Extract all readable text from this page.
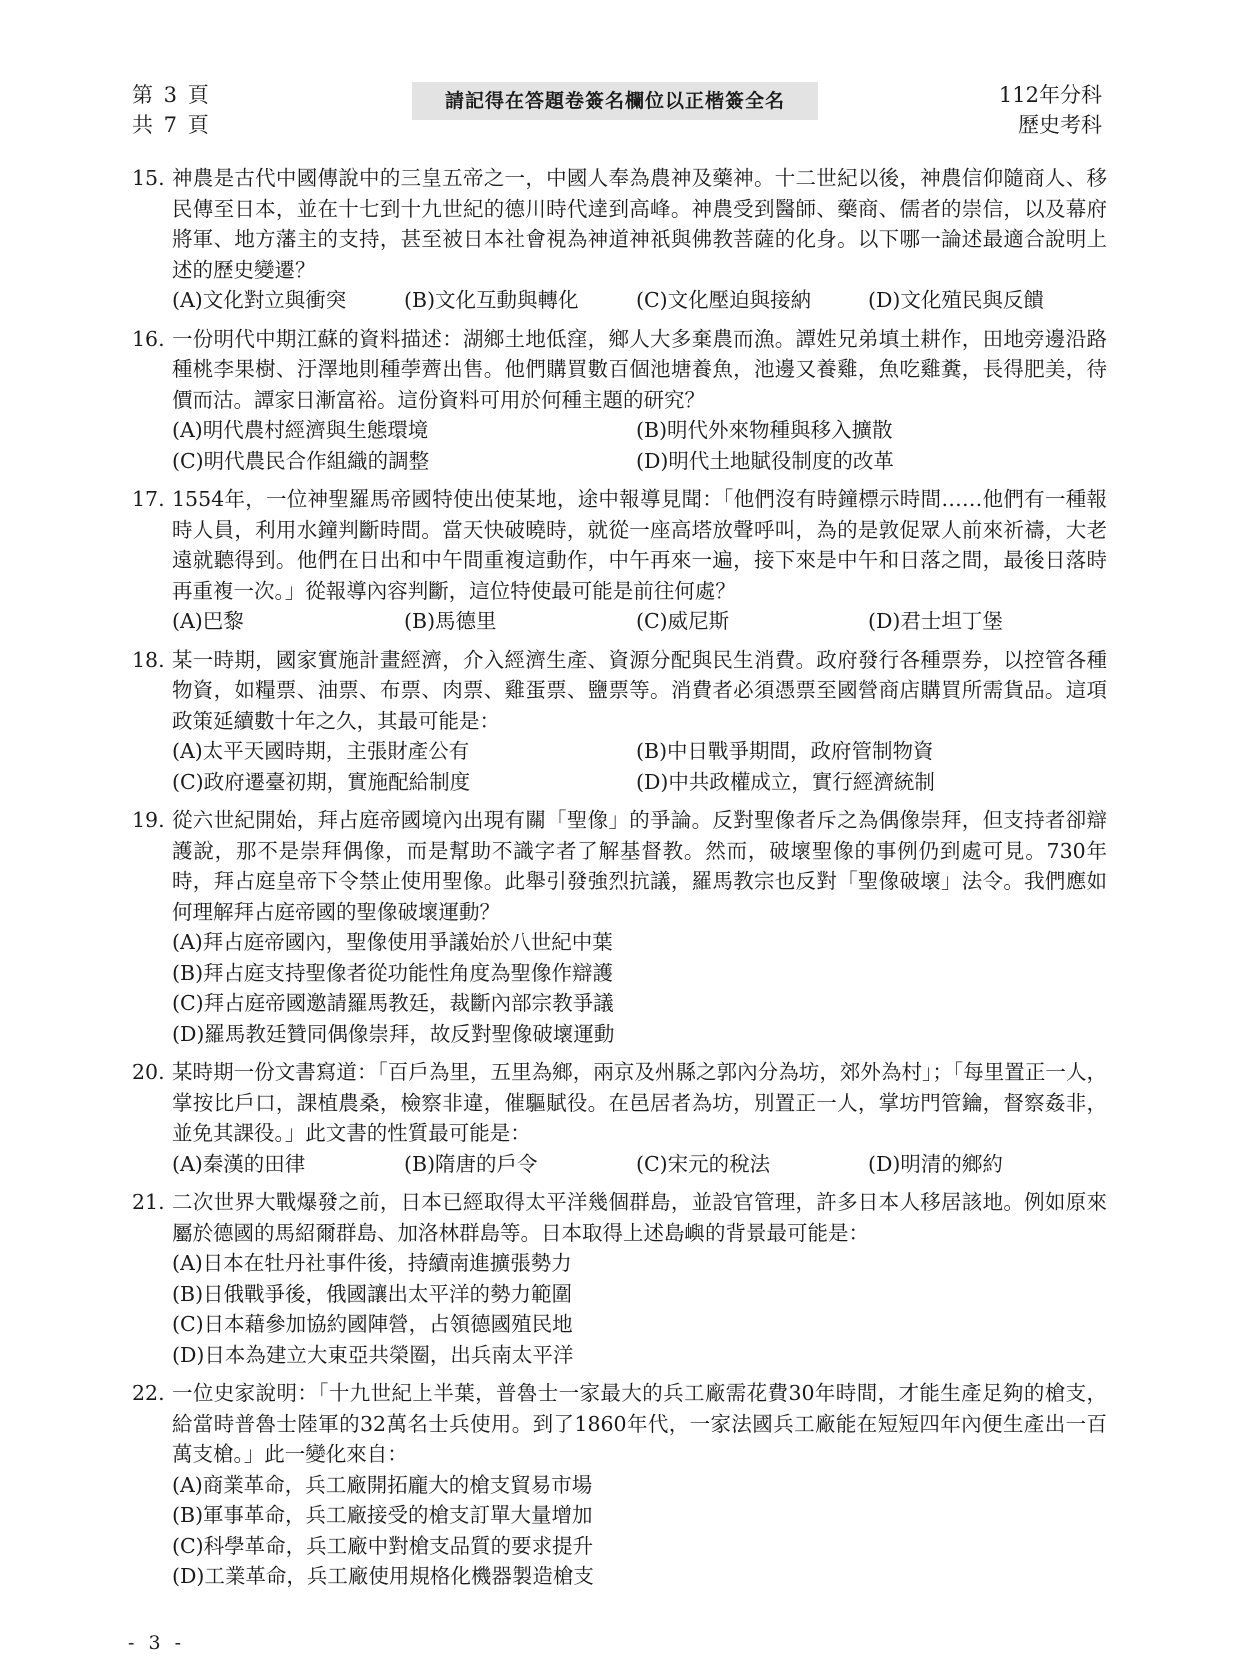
第 3 頁
共 7 頁
請記得在答題卷簽名欄位以正楷簽全名	112年分科
歷史考科
15. 神農是古代中國傳說中的三皇五帝之一，中國人奉為農神及藥神。十二世紀以後，神農信仰隨商人、移民傳至日本，並在十七到十九世紀的德川時代達到高峰。神農受到醫師、藥商、儒者的崇信，以及幕府將軍、地方藩主的支持，甚至被日本社會視為神道神祇與佛教菩薩的化身。以下哪一論述最適合說明上述的歷史變遷？
(A)文化對立與衝突	(B)文化互動與轉化	(C)文化壓迫與接納	(D)文化殖民與反饋
16. 一份明代中期江蘇的資料描述：湖鄉土地低窪，鄉人大多棄農而漁。譚姓兄弟填土耕作，田地旁邊沿路種桃李果樹、汙澤地則種荸薺出售。他們購買數百個池塘養魚，池邊又養雞，魚吃雞糞，長得肥美，待價而沽。譚家日漸富裕。這份資料可用於何種主題的研究？
(A)明代農村經濟與生態環境	(B)明代外來物種與移入擴散
(C)明代農民合作組織的調整	(D)明代土地賦役制度的改革
17. 1554年，一位神聖羅馬帝國特使出使某地，途中報導見聞：「他們沒有時鐘標示時間……他們有一種報時人員，利用水鐘判斷時間。當天快破曉時，就從一座高塔放聲呼叫，為的是敦促眾人前來祈禱，大老遠就聽得到。他們在日出和中午間重複這動作，中午再來一遍，接下來是中午和日落之間，最後日落時再重複一次。」從報導內容判斷，這位特使最可能是前往何處？
(A)巴黎	(B)馬德里	(C)威尼斯	(D)君士坦丁堡
18. 某一時期，國家實施計畫經濟，介入經濟生產、資源分配與民生消費。政府發行各種票券，以控管各種物資，如糧票、油票、布票、肉票、雞蛋票、鹽票等。消費者必須憑票至國營商店購買所需貨品。這項政策延續數十年之久，其最可能是：
(A)太平天國時期，主張財產公有	(B)中日戰爭期間，政府管制物資
(C)政府遷臺初期，實施配給制度	(D)中共政權成立，實行經濟統制
19. 從六世紀開始，拜占庭帝國境內出現有關「聖像」的爭論。反對聖像者斥之為偶像崇拜，但支持者卻辯護說，那不是崇拜偶像，而是幫助不識字者了解基督教。然而，破壞聖像的事例仍到處可見。730年時，拜占庭皇帝下令禁止使用聖像。此舉引發強烈抗議，羅馬教宗也反對「聖像破壞」法令。我們應如何理解拜占庭帝國的聖像破壞運動？
(A)拜占庭帝國內，聖像使用爭議始於八世紀中葉
(B)拜占庭支持聖像者從功能性角度為聖像作辯護
(C)拜占庭帝國邀請羅馬教廷，裁斷內部宗教爭議
(D)羅馬教廷贊同偶像崇拜，故反對聖像破壞運動
20. 某時期一份文書寫道：「百戶為里，五里為鄉，兩京及州縣之郭內分為坊，郊外為村」；「每里置正一人，掌按比戶口，課植農桑，檢察非違，催驅賦役。在邑居者為坊，別置正一人，掌坊門管鑰，督察姦非，並免其課役。」此文書的性質最可能是：
(A)秦漢的田律	(B)隋唐的戶令	(C)宋元的稅法	(D)明清的鄉約
21. 二次世界大戰爆發之前，日本已經取得太平洋幾個群島，並設官管理，許多日本人移居該地。例如原來屬於德國的馬紹爾群島、加洛林群島等。日本取得上述島嶼的背景最可能是：
(A)日本在牡丹社事件後，持續南進擴張勢力
(B)日俄戰爭後，俄國讓出太平洋的勢力範圍
(C)日本藉參加協約國陣營，占領德國殖民地
(D)日本為建立大東亞共榮圈，出兵南太平洋
22. 一位史家說明：「十九世紀上半葉，普魯士一家最大的兵工廠需花費30年時間，才能生產足夠的槍支，給當時普魯士陸軍的32萬名士兵使用。到了1860年代，一家法國兵工廠能在短短四年內便生產出一百萬支槍。」此一變化來自：
(A)商業革命，兵工廠開拓龐大的槍支貿易市場
(B)軍事革命，兵工廠接受的槍支訂單大量增加
(C)科學革命，兵工廠中對槍支品質的要求提升
(D)工業革命，兵工廠使用規格化機器製造槍支
- 3 -
